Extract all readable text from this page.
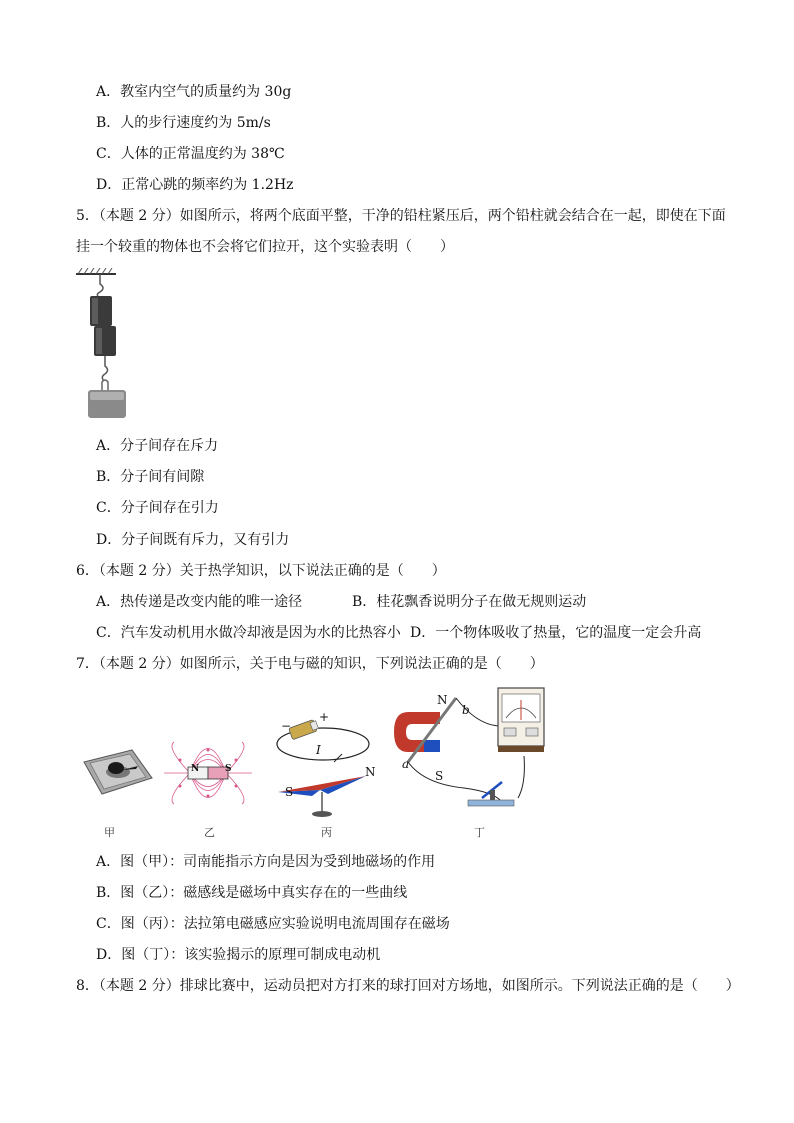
A．教室内空气的质量约为 30g
B．人的步行速度约为 5m/s
C．人体的正常温度约为 38℃
D．正常心跳的频率约为 1.2Hz
5．（本题 2 分）如图所示，将两个底面平整，干净的铅柱紧压后，两个铅柱就会结合在一起，即使在下面
挂一个较重的物体也不会将它们拉开，这个实验表明（　　）
A．分子间存在斥力
B．分子间有间隙
C．分子间存在引力
D．分子间既有斥力，又有引力
6．（本题 2 分）关于热学知识，以下说法正确的是（　　）
A．热传递是改变内能的唯一途径	B．桂花飘香说明分子在做无规则运动
C．汽车发动机用水做冷却液是因为水的比热容小 D．一个物体吸收了热量，它的温度一定会升高
7．（本题 2 分）如图所示，关于电与磁的知识，下列说法正确的是（　　）
甲
N	S
乙
+
−
I
N
S
丙
N
S
a
b
丁
A．图（甲）：司南能指示方向是因为受到地磁场的作用
B．图（乙）：磁感线是磁场中真实存在的一些曲线
C．图（丙）：法拉第电磁感应实验说明电流周围存在磁场
D．图（丁）：该实验揭示的原理可制成电动机
8．（本题 2 分）排球比赛中，运动员把对方打来的球打回对方场地，如图所示。下列说法正确的是（　　）
